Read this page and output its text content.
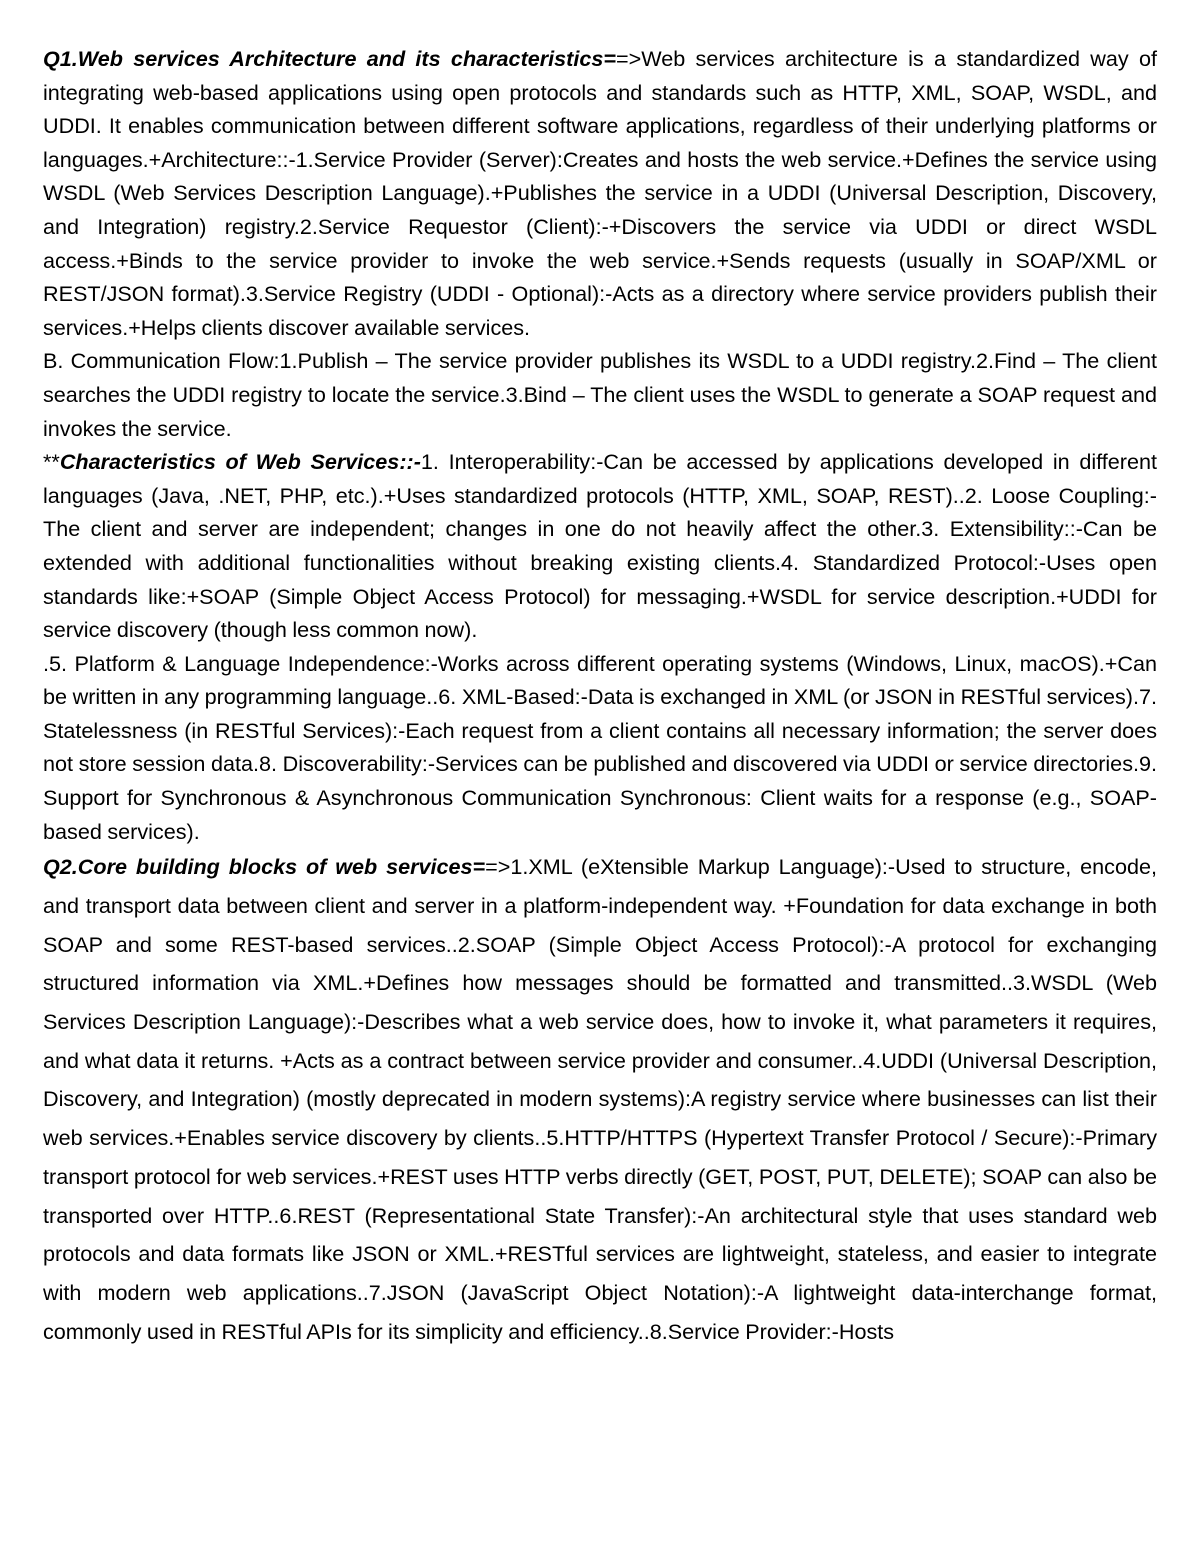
Q1.Web services Architecture and its characteristics==>Web services architecture is a standardized way of integrating web-based applications using open protocols and standards such as HTTP, XML, SOAP, WSDL, and UDDI. It enables communication between different software applications, regardless of their underlying platforms or languages.+Architecture::-1.Service Provider (Server):Creates and hosts the web service.+Defines the service using WSDL (Web Services Description Language).+Publishes the service in a UDDI (Universal Description, Discovery, and Integration) registry.2.Service Requestor (Client):-+Discovers the service via UDDI or direct WSDL access.+Binds to the service provider to invoke the web service.+Sends requests (usually in SOAP/XML or REST/JSON format).3.Service Registry (UDDI - Optional):-Acts as a directory where service providers publish their services.+Helps clients discover available services.

B. Communication Flow:1.Publish – The service provider publishes its WSDL to a UDDI registry.2.Find – The client searches the UDDI registry to locate the service.3.Bind – The client uses the WSDL to generate a SOAP request and invokes the service.

**Characteristics of Web Services::-1. Interoperability:-Can be accessed by applications developed in different languages (Java, .NET, PHP, etc.).+Uses standardized protocols (HTTP, XML, SOAP, REST)..2. Loose Coupling:-The client and server are independent; changes in one do not heavily affect the other.3. Extensibility::-Can be extended with additional functionalities without breaking existing clients.4. Standardized Protocol:-Uses open standards like:+SOAP (Simple Object Access Protocol) for messaging.+WSDL for service description.+UDDI for service discovery (though less common now).

.5. Platform & Language Independence:-Works across different operating systems (Windows, Linux, macOS).+Can be written in any programming language..6. XML-Based:-Data is exchanged in XML (or JSON in RESTful services).7. Statelessness (in RESTful Services):-Each request from a client contains all necessary information; the server does not store session data.8. Discoverability:-Services can be published and discovered via UDDI or service directories.9. Support for Synchronous & Asynchronous Communication Synchronous: Client waits for a response (e.g., SOAP-based services).

Q2.Core building blocks of web services==>1.XML (eXtensible Markup Language):-Used to structure, encode, and transport data between client and server in a platform-independent way. +Foundation for data exchange in both SOAP and some REST-based services..2.SOAP (Simple Object Access Protocol):-A protocol for exchanging structured information via XML.+Defines how messages should be formatted and transmitted..3.WSDL (Web Services Description Language):-Describes what a web service does, how to invoke it, what parameters it requires, and what data it returns. +Acts as a contract between service provider and consumer..4.UDDI (Universal Description, Discovery, and Integration) (mostly deprecated in modern systems):A registry service where businesses can list their web services.+Enables service discovery by clients..5.HTTP/HTTPS (Hypertext Transfer Protocol / Secure):-Primary transport protocol for web services.+REST uses HTTP verbs directly (GET, POST, PUT, DELETE); SOAP can also be transported over HTTP..6.REST (Representational State Transfer):-An architectural style that uses standard web protocols and data formats like JSON or XML.+RESTful services are lightweight, stateless, and easier to integrate with modern web applications..7.JSON (JavaScript Object Notation):-A lightweight data-interchange format, commonly used in RESTful APIs for its simplicity and efficiency..8.Service Provider:-Hosts
